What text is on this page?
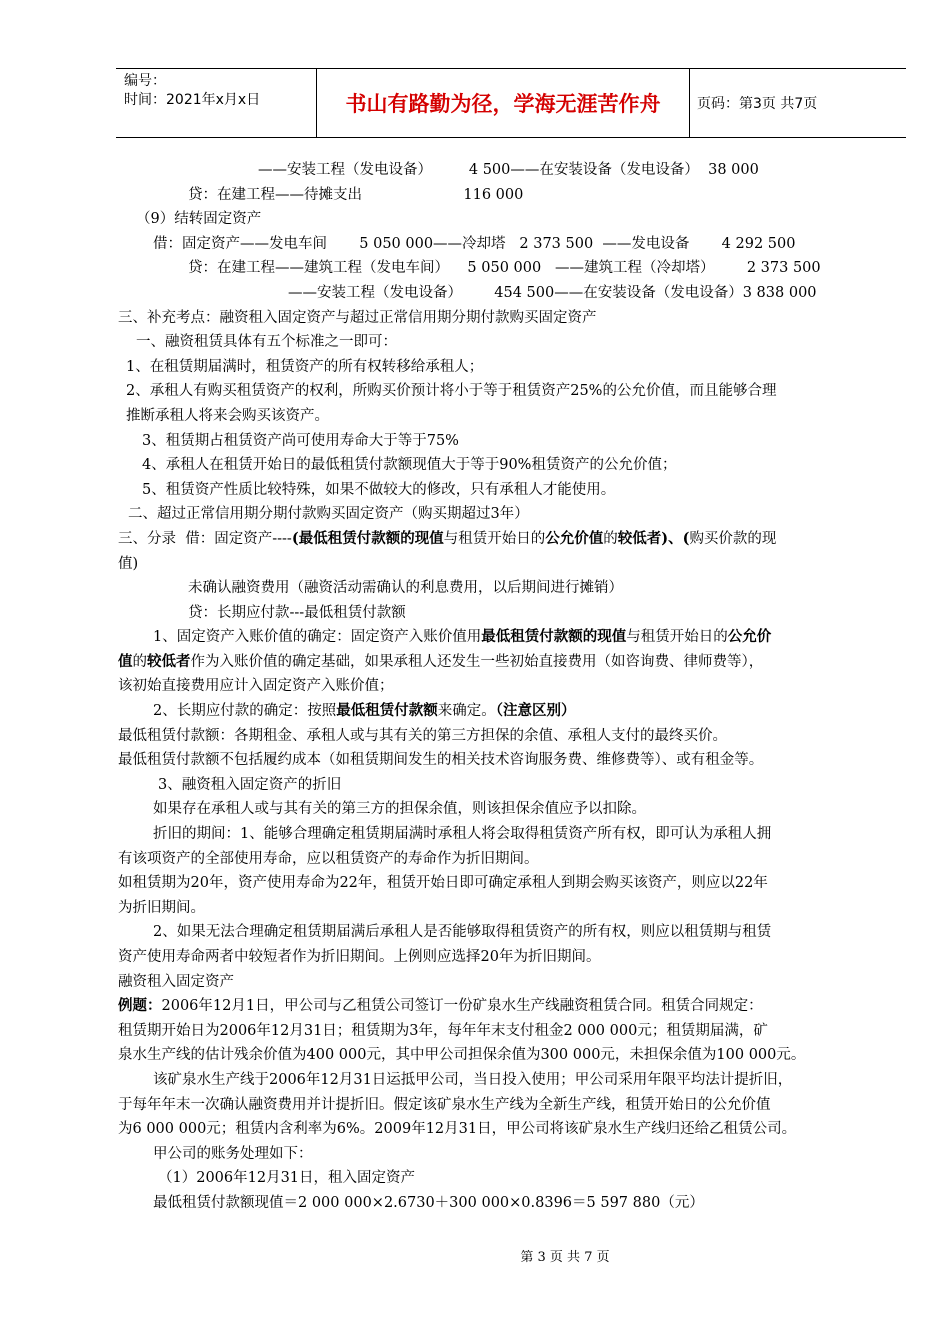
编号：
时间：2021年x月x日	书山有路勤为径，学海无涯苦作舟	页码：第3页 共7页
——安装工程（发电设备）        4 500——在安装设备（发电设备）  38 000
贷：在建工程——待摊支出                      116 000
（9）结转固定资产
借：固定资产——发电车间       5 050 000——冷却塔   2 373 500  ——发电设备       4 292 500
贷：在建工程——建筑工程（发电车间）    5 050 000   ——建筑工程（冷却塔）       2 373 500
——安装工程（发电设备）       454 500——在安装设备（发电设备）3 838 000
三、补充考点：融资租入固定资产与超过正常信用期分期付款购买固定资产
一、融资租赁具体有五个标准之一即可：
1、在租赁期届满时，租赁资产的所有权转移给承租人；
2、承租人有购买租赁资产的权利，所购买价预计将小于等于租赁资产25%的公允价值，而且能够合理
推断承租人将来会购买该资产。
3、租赁期占租赁资产尚可使用寿命大于等于75%
4、承租人在租赁开始日的最低租赁付款额现值大于等于90%租赁资产的公允价值；
5、租赁资产性质比较特殊，如果不做较大的修改，只有承租人才能使用。
二、超过正常信用期分期付款购买固定资产（购买期超过3年）
三、分录  借：固定资产----(最低租赁付款额的现值与租赁开始日的公允价值的较低者)、(购买价款的现
值)
未确认融资费用（融资活动需确认的利息费用，以后期间进行摊销）
贷：长期应付款---最低租赁付款额
1、固定资产入账价值的确定：固定资产入账价值用最低租赁付款额的现值与租赁开始日的公允价
值的较低者作为入账价值的确定基础，如果承租人还发生一些初始直接费用（如咨询费、律师费等），
该初始直接费用应计入固定资产入账价值；
2、长期应付款的确定：按照最低租赁付款额来确定。（注意区别）
最低租赁付款额：各期租金、承租人或与其有关的第三方担保的余值、承租人支付的最终买价。
最低租赁付款额不包括履约成本（如租赁期间发生的相关技术咨询服务费、维修费等）、或有租金等。
3、融资租入固定资产的折旧
如果存在承租人或与其有关的第三方的担保余值，则该担保余值应予以扣除。
折旧的期间：1、能够合理确定租赁期届满时承租人将会取得租赁资产所有权，即可认为承租人拥
有该项资产的全部使用寿命，应以租赁资产的寿命作为折旧期间。
如租赁期为20年，资产使用寿命为22年，租赁开始日即可确定承租人到期会购买该资产，则应以22年
为折旧期间。
2、如果无法合理确定租赁期届满后承租人是否能够取得租赁资产的所有权，则应以租赁期与租赁
资产使用寿命两者中较短者作为折旧期间。上例则应选择20年为折旧期间。
融资租入固定资产
例题：2006年12月1日，甲公司与乙租赁公司签订一份矿泉水生产线融资租赁合同。租赁合同规定：
租赁期开始日为2006年12月31日；租赁期为3年，每年年末支付租金2 000 000元；租赁期届满，矿
泉水生产线的估计残余价值为400 000元，其中甲公司担保余值为300 000元，未担保余值为100 000元。
该矿泉水生产线于2006年12月31日运抵甲公司，当日投入使用；甲公司采用年限平均法计提折旧，
于每年年末一次确认融资费用并计提折旧。假定该矿泉水生产线为全新生产线，租赁开始日的公允价值
为6 000 000元；租赁内含利率为6%。2009年12月31日，甲公司将该矿泉水生产线归还给乙租赁公司。
甲公司的账务处理如下：
（1）2006年12月31日，租入固定资产
最低租赁付款额现值＝2 000 000×2.6730＋300 000×0.8396＝5 597 880（元）
第 3 页 共 7 页
